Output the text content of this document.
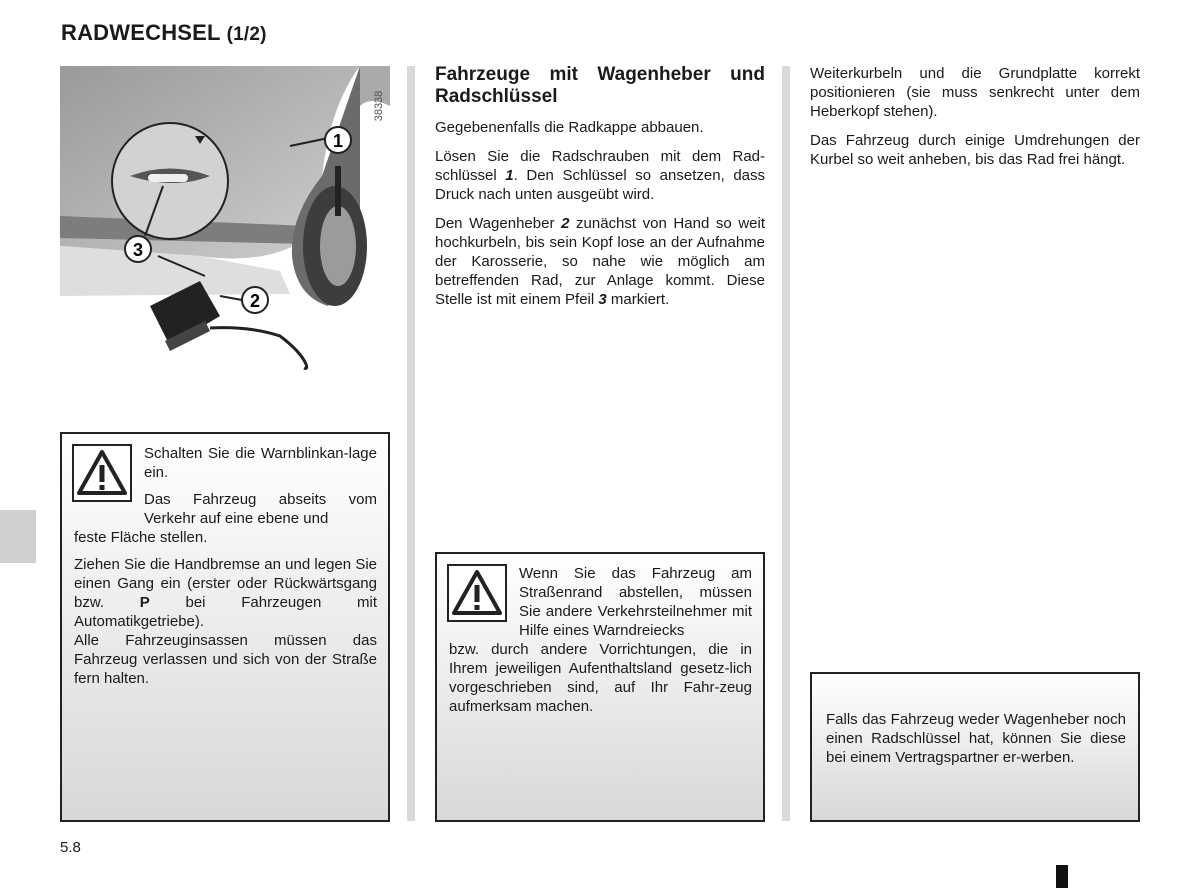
RADWECHSEL (1/2)
1
3
2
38338
Fahrzeuge mit Wagenheber und Radschlüssel

Gegebenenfalls die Radkappe abbauen.

Lösen Sie die Radschrauben mit dem Rad-schlüssel 1. Den Schlüssel so ansetzen, dass Druck nach unten ausgeübt wird.

Den Wagenheber 2 zunächst von Hand so weit hochkurbeln, bis sein Kopf lose an der Aufnahme der Karosserie, so nahe wie möglich am betreffenden Rad, zur Anlage kommt. Diese Stelle ist mit einem Pfeil 3 markiert.

Weiterkurbeln und die Grundplatte korrekt positionieren (sie muss senkrecht unter dem Heberkopf stehen).

Das Fahrzeug durch einige Umdrehungen der Kurbel so weit anheben, bis das Rad frei hängt.

Schalten Sie die Warnblinkan-lage ein.

Das Fahrzeug abseits vom Verkehr auf eine ebene und
feste Fläche stellen.

Ziehen Sie die Handbremse an und legen Sie einen Gang ein (erster oder Rückwärtsgang bzw. P bei Fahrzeugen mit Automatikgetriebe).

Alle Fahrzeuginsassen müssen das Fahrzeug verlassen und sich von der Straße fern halten.

Wenn Sie das Fahrzeug am Straßenrand abstellen, müssen Sie andere Verkehrsteilnehmer mit Hilfe eines Warndreiecks
bzw. durch andere Vorrichtungen, die in Ihrem jeweiligen Aufenthaltsland gesetz-lich vorgeschrieben sind, auf Ihr Fahr-zeug aufmerksam machen.

Falls das Fahrzeug weder Wagenheber noch einen Radschlüssel hat, können Sie diese bei einem Vertragspartner er-werben.
5.8
